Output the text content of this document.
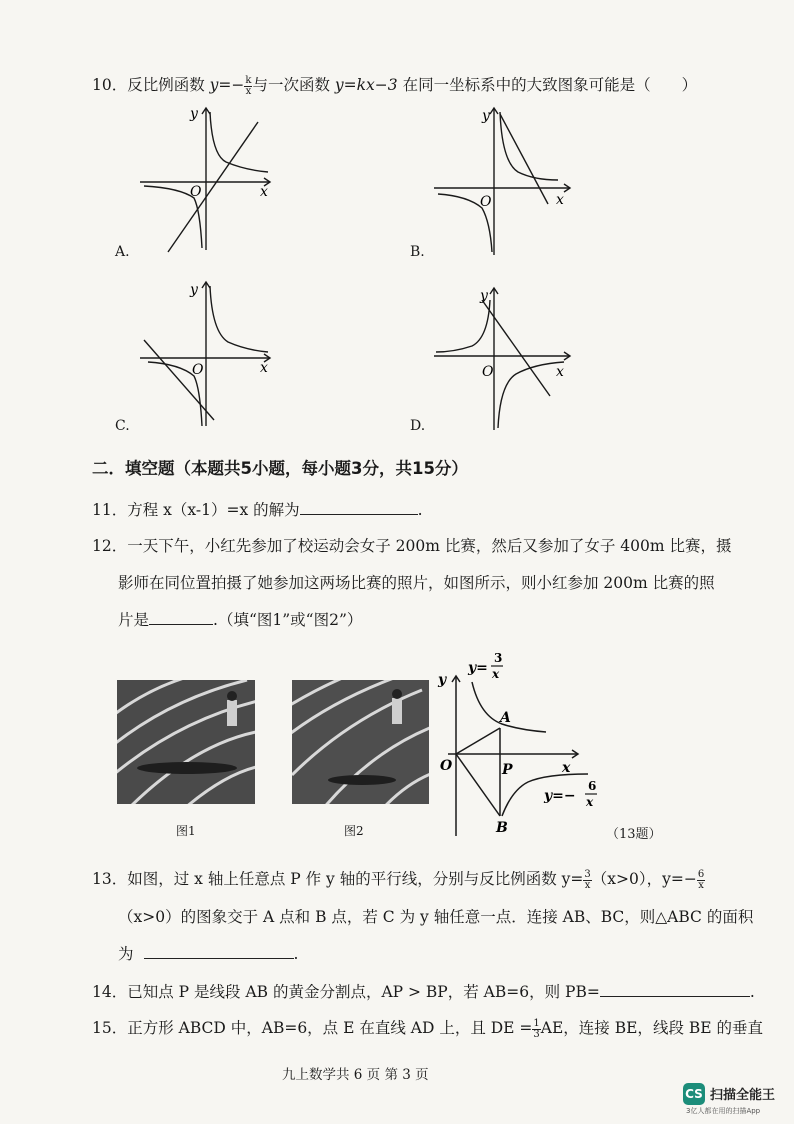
10．反比例函数 $y=- \frac{k}{x}$ 与一次函数 y=kx−3 在同一坐标系中的大致图象可能是（　　）
O	x
y
A.
O	x
y
B.
O	x
y
C.
O	x
y
D.
二．填空题（本题共5小题，每小题3分，共15分）
11．方程 x（x-1）=x 的解为	.
12．一天下午，小红先参加了校运动会女子 200m 比赛，然后又参加了女子 400m 比赛，摄
影师在同位置拍摄了她参加这两场比赛的照片，如图所示，则小红参加 200m 比赛的照
片是	.（填“图1”或“图2”）
图1	图2
y
x
O
A
P
B
y=
3
x
y=−
6
x
（13题）
13．如图，过 x 轴上任意点 P 作 y 轴的平行线，分别与反比例函数 $y= \frac{3}{x} (x>0)$，$y=- \frac{6}{x}$
（x>0）的图象交于 A 点和 B 点，若 C 为 y 轴任意一点．连接 AB、BC，则△ABC 的面积
为	.
14．已知点 P 是线段 AB 的黄金分割点，AP > BP，若 AB=6，则 PB=	.
15．正方形 ABCD 中，AB=6，点 E 在直线 AD 上，且 DE = $\frac{1}{3}$ AE，连接 BE，线段 BE 的垂直
九上数学共 6 页 第 3 页
CS 扫描全能王
3亿人都在用的扫描App
